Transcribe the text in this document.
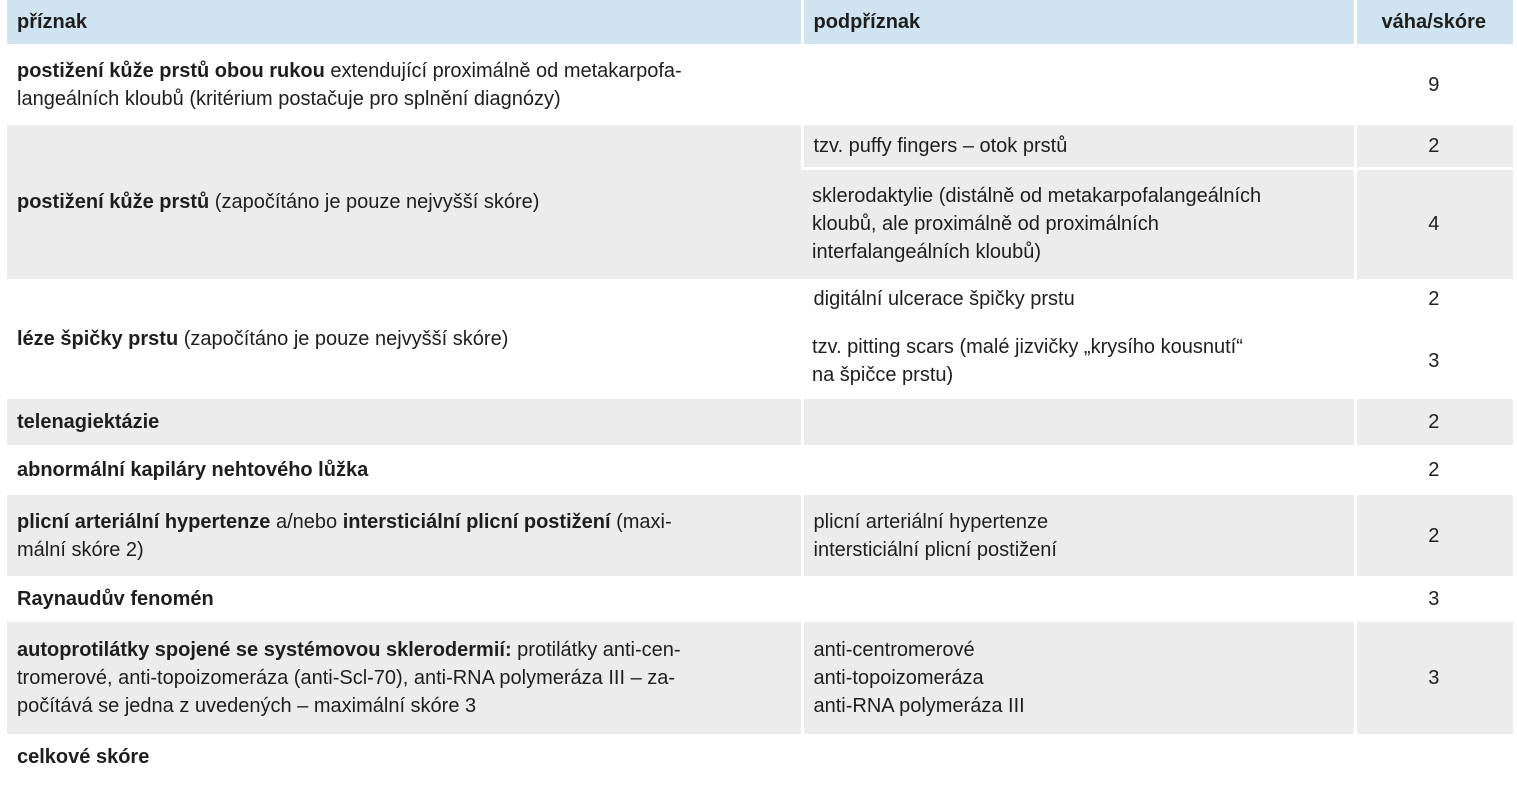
příznak	podpříznak	váha/skóre
postižení kůže prstů obou rukou extendující proximálně od metakarpofa-
langeálních kloubů (kritérium postačuje pro splnění diagnózy)		9
postižení kůže prstů (započítáno je pouze nejvyšší skóre)	tzv. puffy fingers – otok prstů	2

	sklerodaktylie (distálně od metakarpofalangeálních
kloubů, ale proximálně od proximálních
interfalangeálních kloubů)	4
léze špičky prstu (započítáno je pouze nejvyšší skóre)	digitální ulcerace špičky prstu	2

	tzv. pitting scars (malé jizvičky „krysího kousnutí“
na špičce prstu)	3
telenagiektázie		2
abnormální kapiláry nehtového lůžka		2
plicní arteriální hypertenze a/nebo intersticiální plicní postižení (maxi-
mální skóre 2)	plicní arteriální hypertenze
intersticiální plicní postižení	2
Raynaudův fenomén		3
autoprotilátky spojené se systémovou sklerodermií: protilátky anti-cen-
tromerové, anti-topoizomeráza (anti-Scl-70), anti-RNA polymeráza III – za-
počítává se jedna z uvedených – maximální skóre 3	anti-centromerové
anti-topoizomeráza
anti-RNA polymeráza III	3
celkové skóre		
